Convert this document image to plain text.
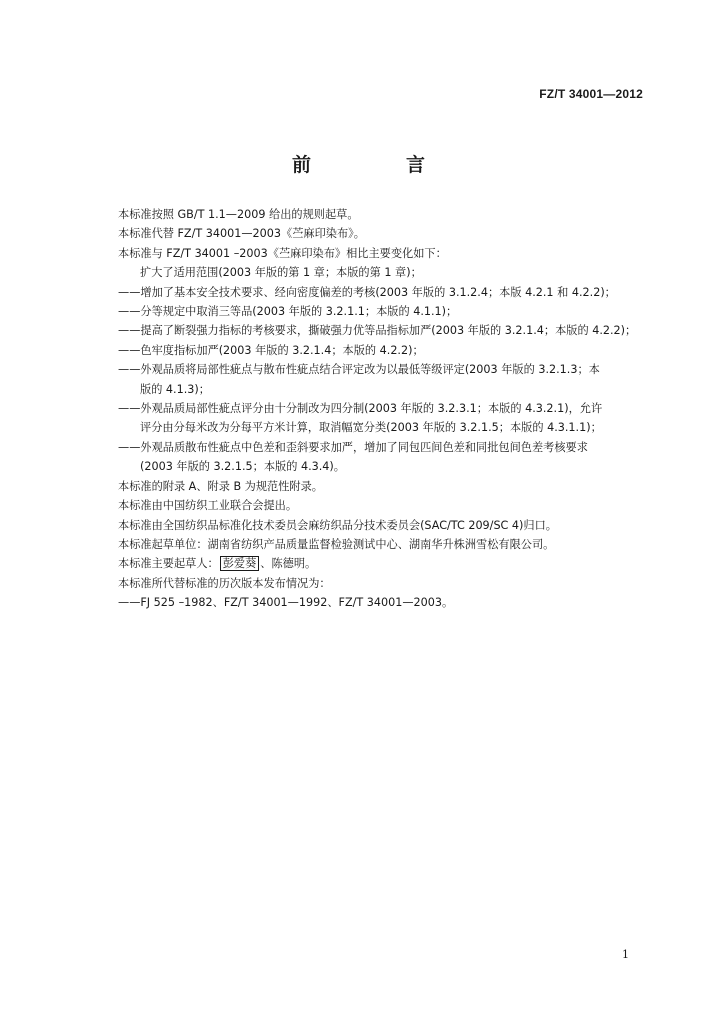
FZ/T 34001—2012
前　言
本标准按照 GB/T 1.1—2009 给出的规则起草。
本标准代替 FZ/T 34001—2003《苎麻印染布》。
本标准与 FZ/T 34001 –2003《苎麻印染布》相比主要变化如下：
扩大了适用范围(2003 年版的第 1 章；本版的第 1 章)；
——增加了基本安全技术要求、经向密度偏差的考核(2003 年版的 3.1.2.4；本版 4.2.1 和 4.2.2)；
——分等规定中取消三等品(2003 年版的 3.2.1.1；本版的 4.1.1)；
——提高了断裂强力指标的考核要求，撕破强力优等品指标加严(2003 年版的 3.2.1.4；本版的 4.2.2)；
——色牢度指标加严(2003 年版的 3.2.1.4；本版的 4.2.2)；
——外观品质将局部性疵点与散布性疵点结合评定改为以最低等级评定(2003 年版的 3.2.1.3；本
版的 4.1.3)；
——外观品质局部性疵点评分由十分制改为四分制(2003 年版的 3.2.3.1；本版的 4.3.2.1)，允许
评分由分每米改为分每平方米计算，取消幅宽分类(2003 年版的 3.2.1.5；本版的 4.3.1.1)；
——外观品质散布性疵点中色差和歪斜要求加严，增加了同包匹间色差和同批包间色差考核要求
(2003 年版的 3.2.1.5；本版的 4.3.4)。
本标准的附录 A、附录 B 为规范性附录。
本标准由中国纺织工业联合会提出。
本标准由全国纺织品标准化技术委员会麻纺织品分技术委员会(SAC/TC 209/SC 4)归口。
本标准起草单位：湖南省纺织产品质量监督检验测试中心、湖南华升株洲雪松有限公司。
本标准主要起草人： 彭爱葵 、陈德明。
本标准所代替标准的历次版本发布情况为：
——FJ 525 –1982、FZ/T 34001—1992、FZ/T 34001—2003。
1
